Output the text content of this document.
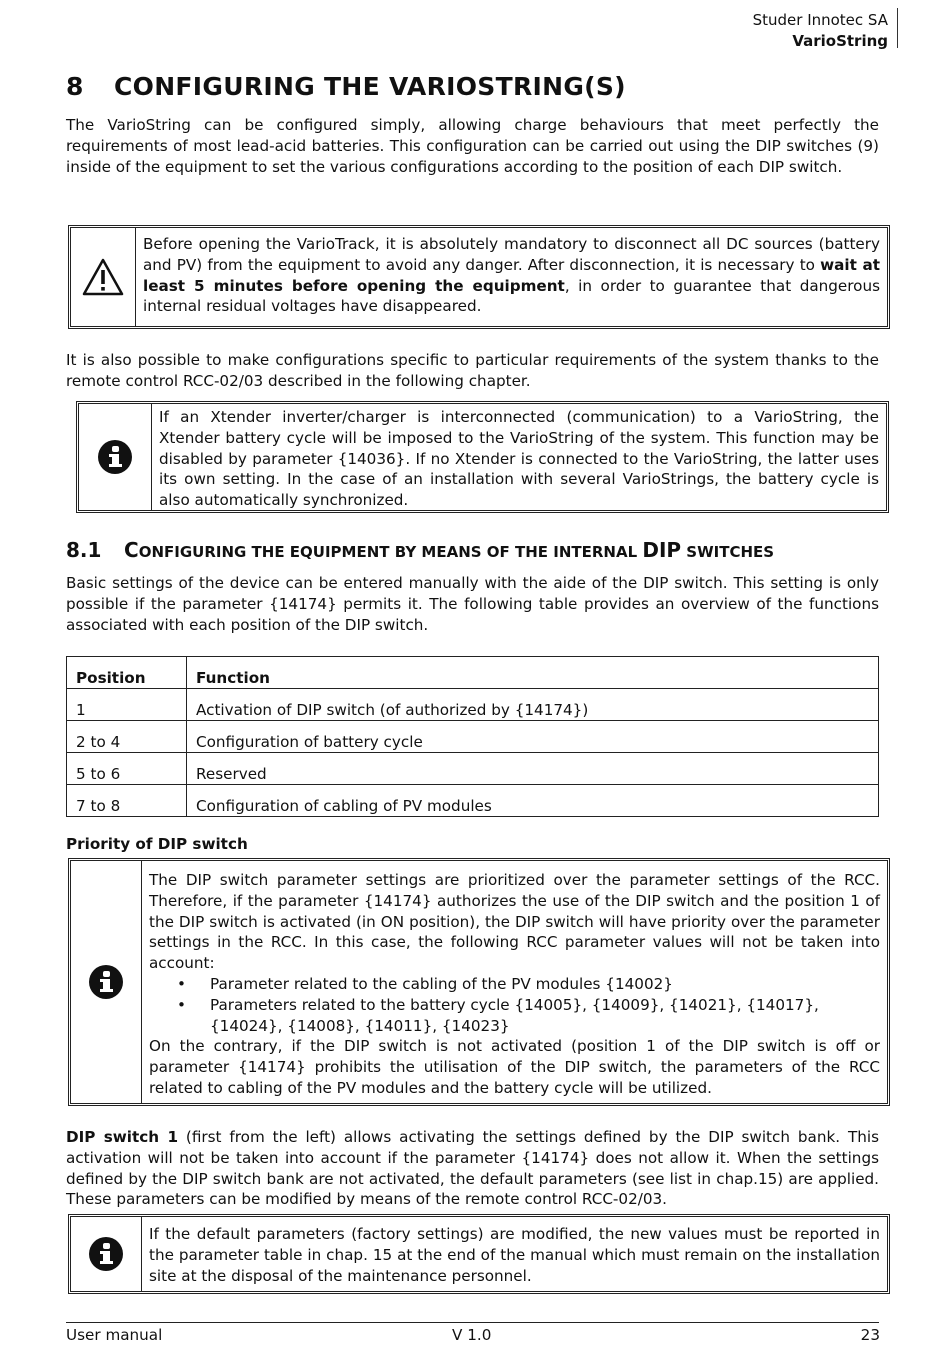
Studer Innotec SA
VarioString
8 CONFIGURING THE VARIOSTRING(S)
The VarioString can be configured simply, allowing charge behaviours that meet perfectly the requirements of most lead-acid batteries. This configuration can be carried out using the DIP switches (9) inside of the equipment to set the various configurations according to the position of each DIP switch.
Before opening the VarioTrack, it is absolutely mandatory to disconnect all DC sources (battery and PV) from the equipment to avoid any danger. After disconnection, it is necessary to wait at least 5 minutes before opening the equipment, in order to guarantee that dangerous internal residual voltages have disappeared.
It is also possible to make configurations specific to particular requirements of the system thanks to the remote control RCC-02/03 described in the following chapter.
If an Xtender inverter/charger is interconnected (communication) to a VarioString, the Xtender battery cycle will be imposed to the VarioString of the system. This function may be disabled by parameter {14036}. If no Xtender is connected to the VarioString, the latter uses its own setting. In the case of an installation with several VarioStrings, the battery cycle is also automatically synchronized.
8.1 CONFIGURING THE EQUIPMENT BY MEANS OF THE INTERNAL DIP SWITCHES
Basic settings of the device can be entered manually with the aide of the DIP switch. This setting is only possible if the parameter {14174} permits it. The following table provides an overview of the functions associated with each position of the DIP switch.
Position	Function
1	Activation of DIP switch (of authorized by {14174})
2 to 4	Configuration of battery cycle
5 to 6	Reserved
7 to 8	Configuration of cabling of PV modules
Priority of DIP switch
The DIP switch parameter settings are prioritized over the parameter settings of the RCC. Therefore, if the parameter {14174} authorizes the use of the DIP switch and the position 1 of the DIP switch is activated (in ON position), the DIP switch will have priority over the parameter settings in the RCC. In this case, the following RCC parameter values will not be taken into account:
• Parameter related to the cabling of the PV modules {14002}
• Parameters related to the battery cycle {14005}, {14009}, {14021}, {14017}, {14024}, {14008}, {14011}, {14023}
On the contrary, if the DIP switch is not activated (position 1 of the DIP switch is off or parameter {14174} prohibits the utilisation of the DIP switch, the parameters of the RCC related to cabling of the PV modules and the battery cycle will be utilized.
DIP switch 1 (first from the left) allows activating the settings defined by the DIP switch bank. This activation will not be taken into account if the parameter {14174} does not allow it. When the settings defined by the DIP switch bank are not activated, the default parameters (see list in chap.15) are applied. These parameters can be modified by means of the remote control RCC-02/03.
If the default parameters (factory settings) are modified, the new values must be reported in the parameter table in chap. 15 at the end of the manual which must remain on the installation site at the disposal of the maintenance personnel.
User manual	V 1.0	23
